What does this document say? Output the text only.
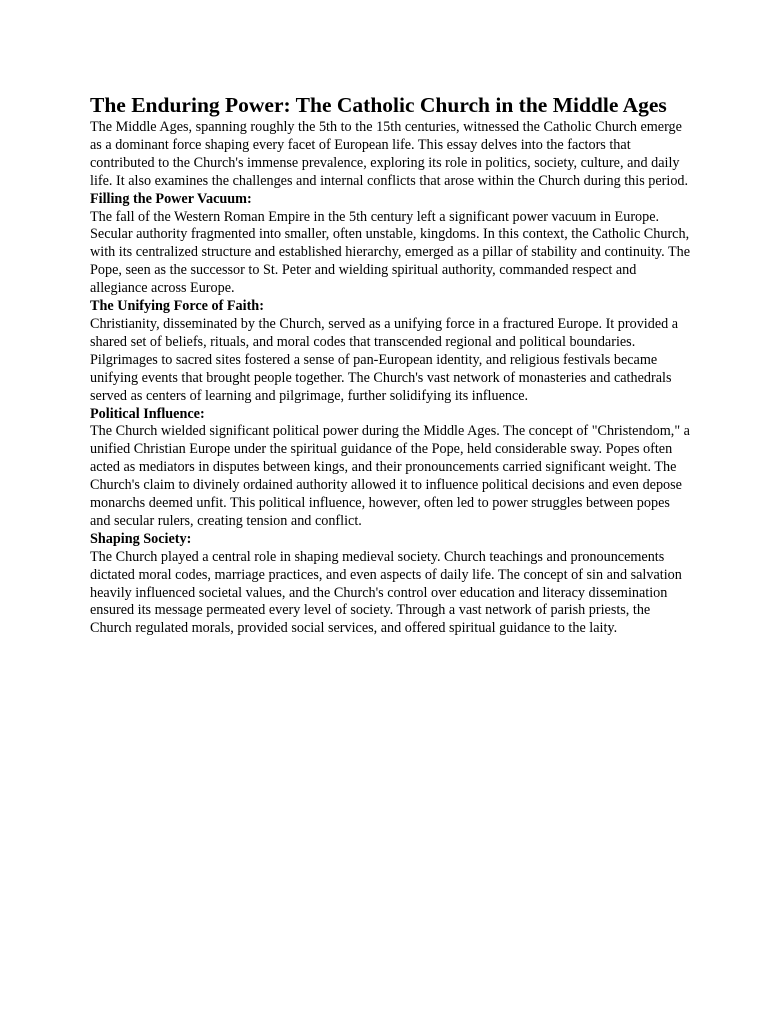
The Enduring Power: The Catholic Church in the Middle Ages

The Middle Ages, spanning roughly the 5th to the 15th centuries, witnessed the Catholic Church emerge as a dominant force shaping every facet of European life. This essay delves into the factors that contributed to the Church's immense prevalence, exploring its role in politics, society, culture, and daily life. It also examines the challenges and internal conflicts that arose within the Church during this period.

Filling the Power Vacuum:

The fall of the Western Roman Empire in the 5th century left a significant power vacuum in Europe. Secular authority fragmented into smaller, often unstable, kingdoms. In this context, the Catholic Church, with its centralized structure and established hierarchy, emerged as a pillar of stability and continuity. The Pope, seen as the successor to St. Peter and wielding spiritual authority, commanded respect and allegiance across Europe.

The Unifying Force of Faith:

Christianity, disseminated by the Church, served as a unifying force in a fractured Europe. It provided a shared set of beliefs, rituals, and moral codes that transcended regional and political boundaries. Pilgrimages to sacred sites fostered a sense of pan-European identity, and religious festivals became unifying events that brought people together. The Church's vast network of monasteries and cathedrals served as centers of learning and pilgrimage, further solidifying its influence.

Political Influence:

The Church wielded significant political power during the Middle Ages. The concept of "Christendom," a unified Christian Europe under the spiritual guidance of the Pope, held considerable sway. Popes often acted as mediators in disputes between kings, and their pronouncements carried significant weight. The Church's claim to divinely ordained authority allowed it to influence political decisions and even depose monarchs deemed unfit. This political influence, however, often led to power struggles between popes and secular rulers, creating tension and conflict.

Shaping Society:

The Church played a central role in shaping medieval society. Church teachings and pronouncements dictated moral codes, marriage practices, and even aspects of daily life. The concept of sin and salvation heavily influenced societal values, and the Church's control over education and literacy dissemination ensured its message permeated every level of society. Through a vast network of parish priests, the Church regulated morals, provided social services, and offered spiritual guidance to the laity.
